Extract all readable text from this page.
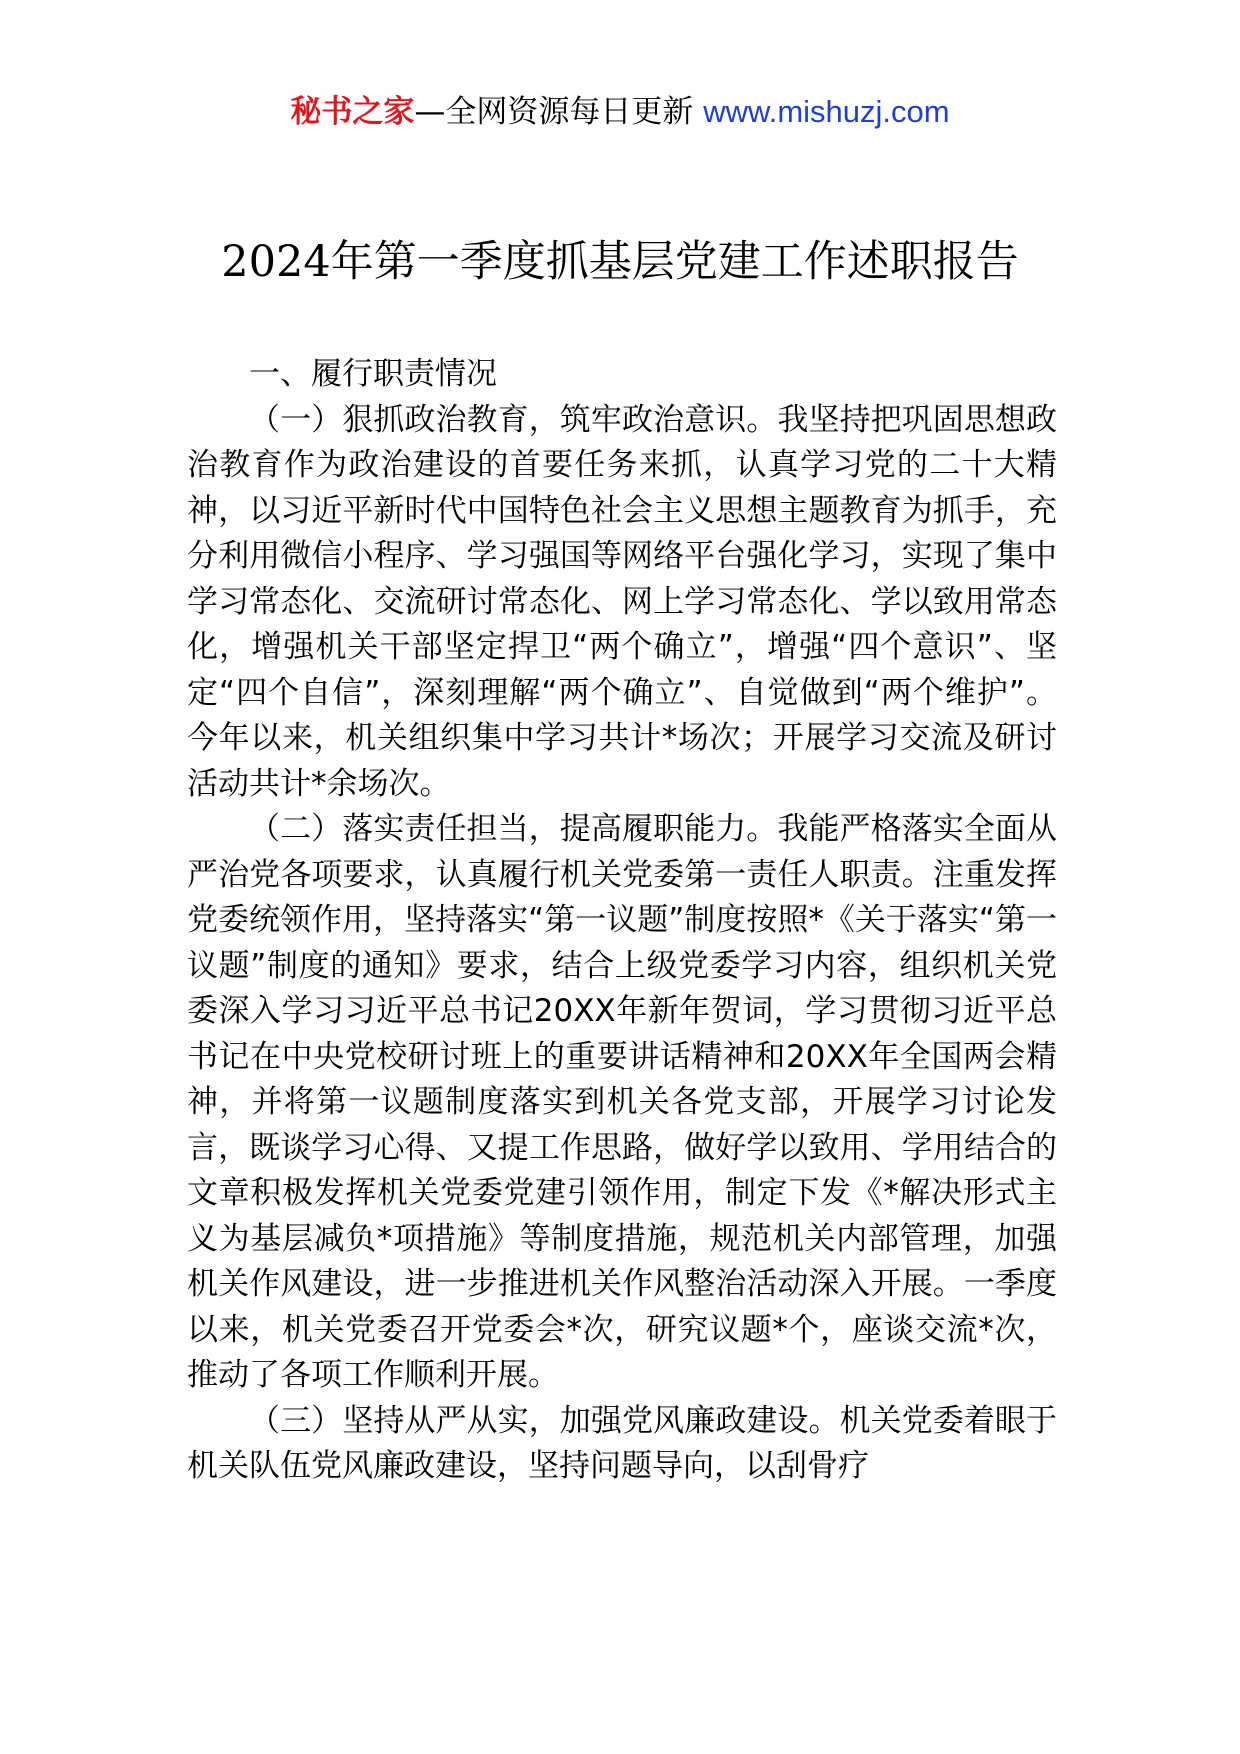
秘书之家—全网资源每日更新 www.mishuzj.com
2024年第一季度抓基层党建工作述职报告

一、履行职责情况

（一）狠抓政治教育，筑牢政治意识。我坚持把巩固思想政治教育作为政治建设的首要任务来抓，认真学习党的二十大精神，以习近平新时代中国特色社会主义思想主题教育为抓手，充分利用微信小程序、学习强国等网络平台强化学习，实现了集中学习常态化、交流研讨常态化、网上学习常态化、学以致用常态化，增强机关干部坚定捍卫“两个确立”，增强“四个意识”、坚定“四个自信”，深刻理解“两个确立”、自觉做到“两个维护”。今年以来，机关组织集中学习共计*场次；开展学习交流及研讨活动共计*余场次。

（二）落实责任担当，提高履职能力。我能严格落实全面从严治党各项要求，认真履行机关党委第一责任人职责。注重发挥党委统领作用，坚持落实“第一议题”制度按照*《关于落实“第一议题”制度的通知》要求，结合上级党委学习内容，组织机关党委深入学习习近平总书记20XX年新年贺词，学习贯彻习近平总书记在中央党校研讨班上的重要讲话精神和20XX年全国两会精神，并将第一议题制度落实到机关各党支部，开展学习讨论发言，既谈学习心得、又提工作思路，做好学以致用、学用结合的文章积极发挥机关党委党建引领作用，制定下发《*解决形式主义为基层减负*项措施》等制度措施，规范机关内部管理，加强机关作风建设，进一步推进机关作风整治活动深入开展。一季度以来，机关党委召开党委会*次，研究议题*个，座谈交流*次，推动了各项工作顺利开展。

（三）坚持从严从实，加强党风廉政建设。机关党委着眼于机关队伍党风廉政建设，坚持问题导向，以刮骨疗
